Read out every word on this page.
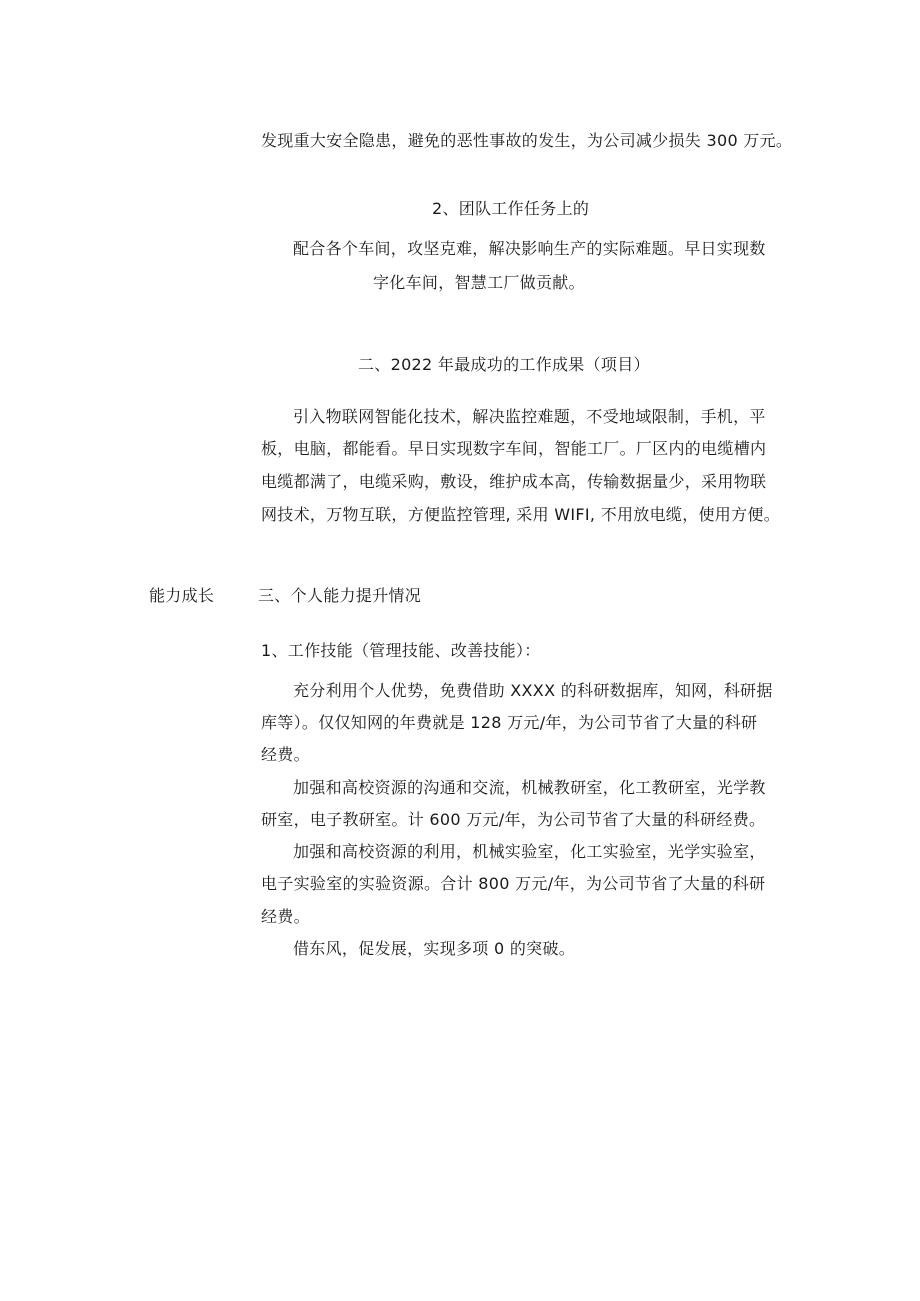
发现重大安全隐患，避免的恶性事故的发生，为公司减少损失 300 万元。
2、团队工作任务上的
配合各个车间，攻坚克难，解决影响生产的实际难题。早日实现数
字化车间，智慧工厂做贡献。
二、2022 年最成功的工作成果（项目）
引入物联网智能化技术，解决监控难题，不受地域限制，手机，平
板，电脑，都能看。早日实现数字车间，智能工厂。厂区内的电缆槽内
电缆都满了，电缆采购，敷设，维护成本高，传输数据量少，采用物联
网技术，万物互联，方便监控管理, 采用 WIFI, 不用放电缆，使用方便。
能力成长	三、个人能力提升情况
1、工作技能（管理技能、改善技能）：
充分利用个人优势，免费借助 XXXX 的科研数据库，知网，科研据
库等）。仅仅知网的年费就是 128 万元/年，为公司节省了大量的科研
经费。
加强和高校资源的沟通和交流，机械教研室，化工教研室，光学教
研室，电子教研室。计 600 万元/年，为公司节省了大量的科研经费。
加强和高校资源的利用，机械实验室，化工实验室，光学实验室，
电子实验室的实验资源。合计 800 万元/年，为公司节省了大量的科研
经费。
借东风，促发展，实现多项 0 的突破。
